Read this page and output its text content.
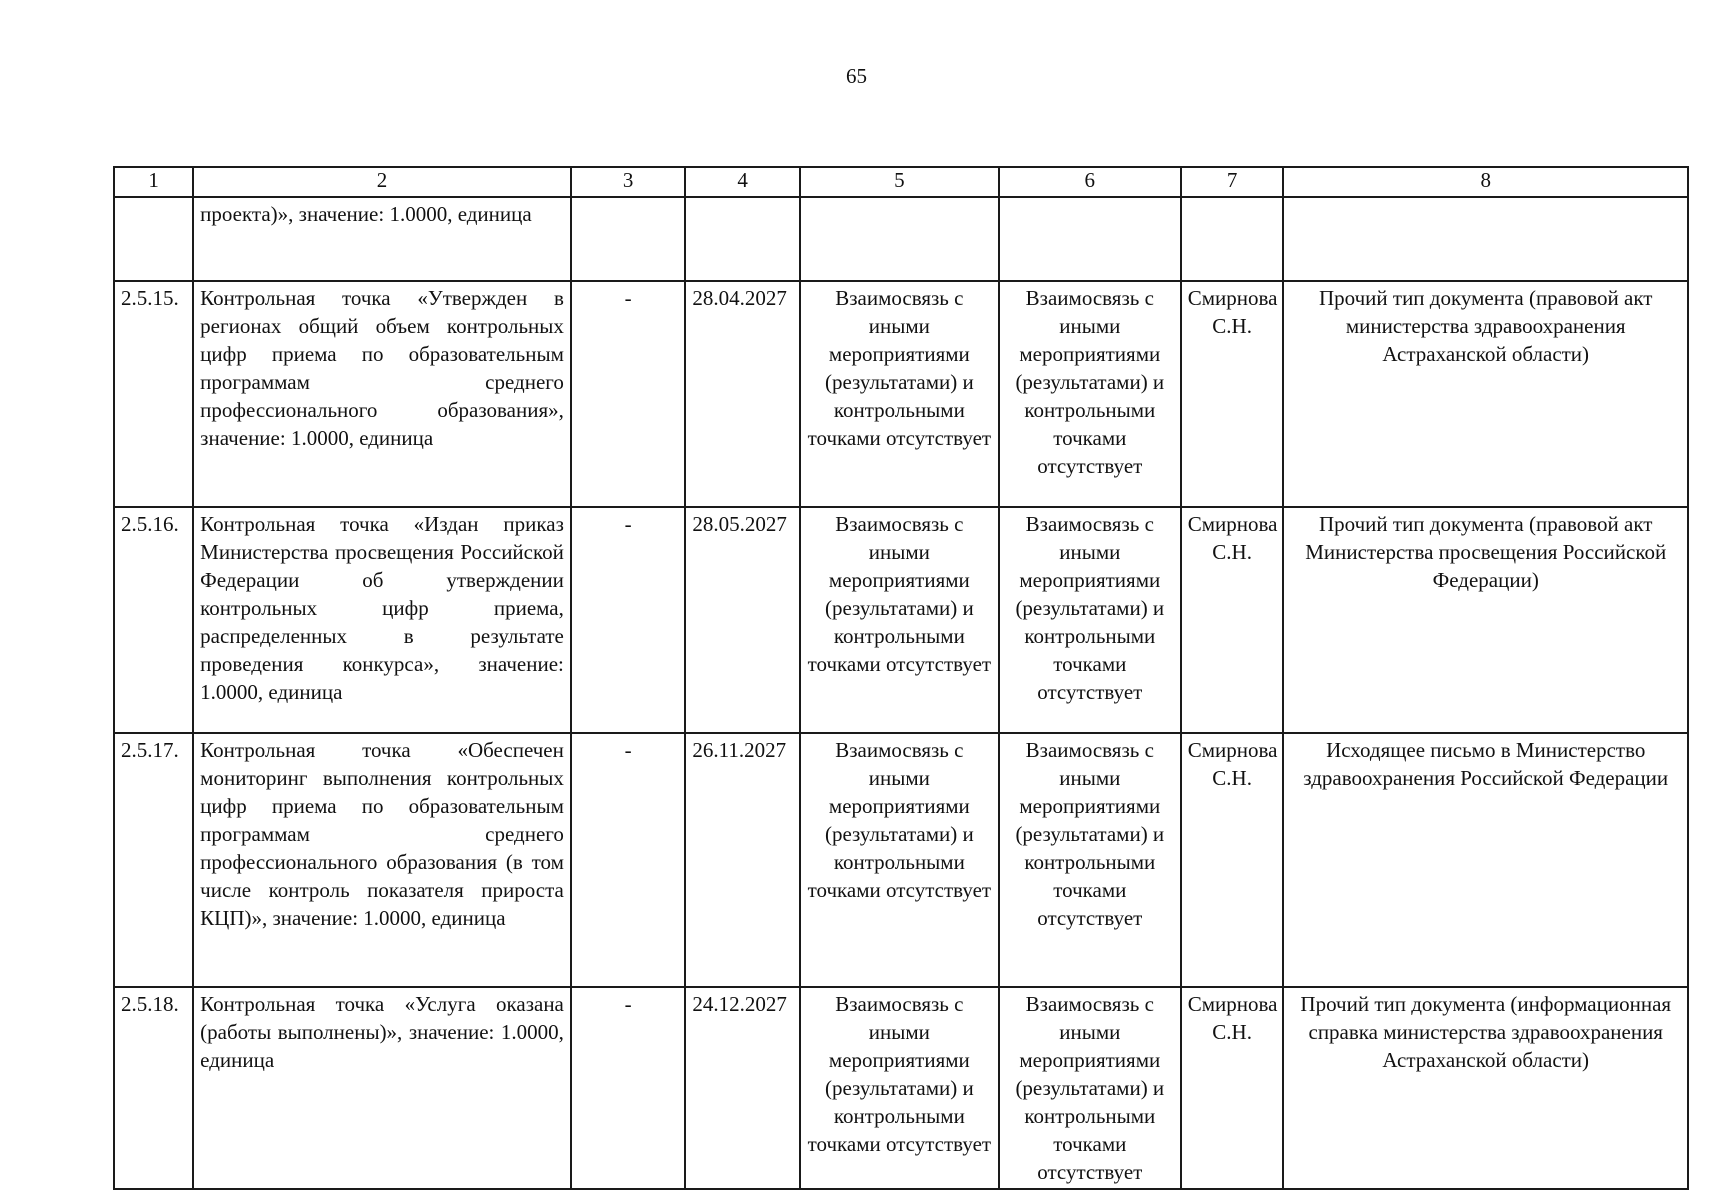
65
1	2	3	4	5	6	7	8
	проекта)», значение: 1.0000, единица						
2.5.15.	Контрольная точка «Утвержден в регионах общий объем контрольных цифр приема по образовательным программам среднего профессионального образования», значение: 1.0000, единица	-	28.04.2027	Взаимосвязь с иными мероприятиями (результатами) и контрольными точками отсутствует	Взаимосвязь с иными мероприятиями (результатами) и контрольными точками отсутствует	Смирнова С.Н.	Прочий тип документа (правовой акт министерства здравоохранения Астраханской области)
2.5.16.	Контрольная точка «Издан приказ Министерства просвещения Российской Федерации об утверждении контрольных цифр приема, распределенных в результате проведения конкурса», значение: 1.0000, единица	-	28.05.2027	Взаимосвязь с иными мероприятиями (результатами) и контрольными точками отсутствует	Взаимосвязь с иными мероприятиями (результатами) и контрольными точками отсутствует	Смирнова С.Н.	Прочий тип документа (правовой акт Министерства просвещения Российской Федерации)
2.5.17.	Контрольная точка «Обеспечен мониторинг выполнения контрольных цифр приема по образовательным программам среднего профессионального образования (в том числе контроль показателя прироста КЦП)», значение: 1.0000, единица	-	26.11.2027	Взаимосвязь с иными мероприятиями (результатами) и контрольными точками отсутствует	Взаимосвязь с иными мероприятиями (результатами) и контрольными точками отсутствует	Смирнова С.Н.	Исходящее письмо в Министерство здравоохранения Российской Федерации
2.5.18.	Контрольная точка «Услуга оказана (работы выполнены)», значение: 1.0000, единица	-	24.12.2027	Взаимосвязь с иными мероприятиями (результатами) и контрольными точками отсутствует	Взаимосвязь с иными мероприятиями (результатами) и контрольными точками отсутствует	Смирнова С.Н.	Прочий тип документа (информационная справка министерства здравоохранения Астраханской области)
